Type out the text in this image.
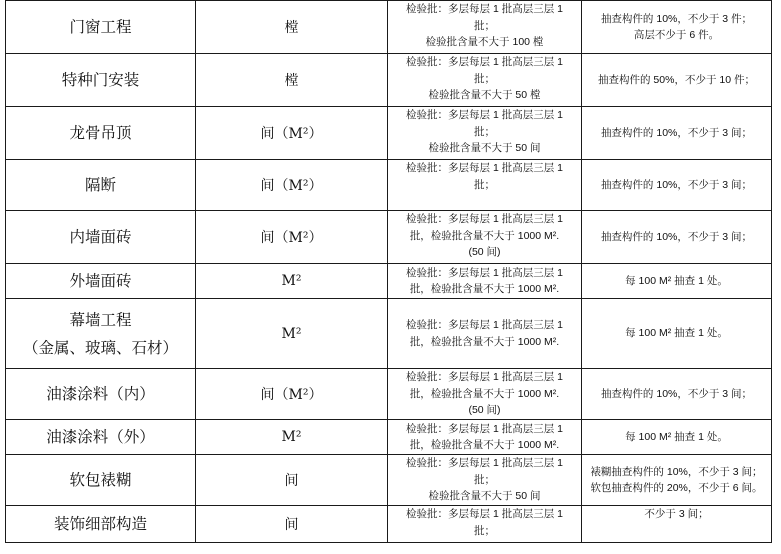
门窗工程	樘	检验批：多层每层 1 批高层三层 1
批；
检验批含量不大于 100 樘	抽查构件的 10%，不少于 3 件；
高层不少于 6 件。

特种门安装	樘	检验批：多层每层 1 批高层三层 1
批；
检验批含量不大于 50 樘	抽查构件的 50%，不少于 10 件；

龙骨吊顶	间（M²）	检验批：多层每层 1 批高层三层 1
批；
检验批含量不大于 50 间	抽查构件的 10%，不少于 3 间；

隔断	间（M²）	检验批：多层每层 1 批高层三层 1
批；	抽查构件的 10%，不少于 3 间；

内墙面砖	间（M²）	检验批：多层每层 1 批高层三层 1
批，检验批含量不大于 1000 M².
(50 间)	抽查构件的 10%，不少于 3 间；

外墙面砖	M²	检验批：多层每层 1 批高层三层 1
批，检验批含量不大于 1000 M².	每 100 M² 抽查 1 处。

幕墙工程
（金属、玻璃、石材）	M²	检验批：多层每层 1 批高层三层 1
批，检验批含量不大于 1000 M².	每 100 M² 抽查 1 处。

油漆涂料（内）	间（M²）	检验批：多层每层 1 批高层三层 1
批，检验批含量不大于 1000 M².
(50 间)	抽查构件的 10%，不少于 3 间；

油漆涂料（外）	M²	检验批：多层每层 1 批高层三层 1
批，检验批含量不大于 1000 M².	每 100 M² 抽查 1 处。

软包裱糊	间	检验批：多层每层 1 批高层三层 1
批；
检验批含量不大于 50 间	裱糊抽查构件的 10%，不少于 3 间；
软包抽查构件的 20%，不少于 6 间。

装饰细部构造	间	检验批：多层每层 1 批高层三层 1
批；	不少于 3 间；
